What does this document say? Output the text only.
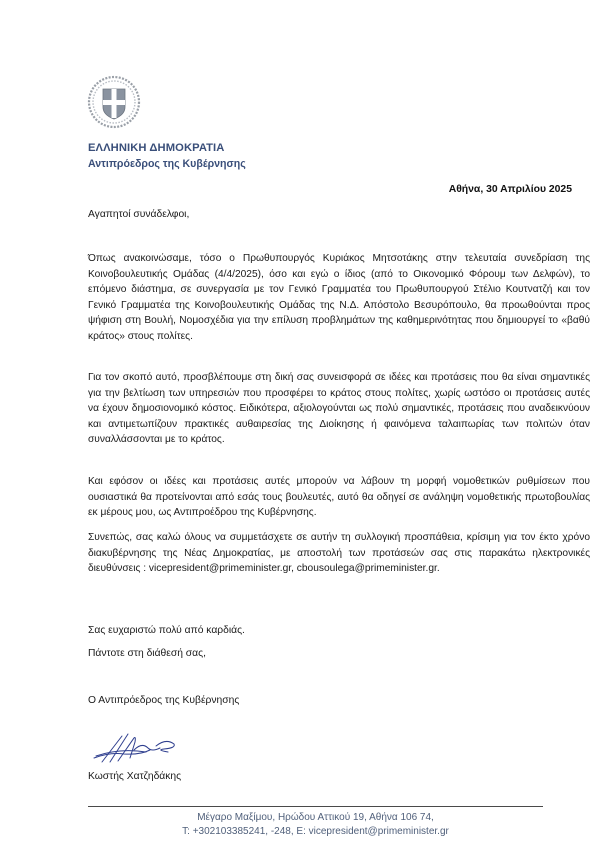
ΕΛΛΗΝΙΚΗ ΔΗΜΟΚΡΑΤΙΑ
Αντιπρόεδρος της Κυβέρνησης
Αθήνα, 30 Απριλίου 2025
Αγαπητοί συνάδελφοι,
Όπως ανακοινώσαμε, τόσο ο Πρωθυπουργός Κυριάκος Μητσοτάκης στην τελευταία συνεδρίαση της Κοινοβουλευτικής Ομάδας (4/4/2025), όσο και εγώ ο ίδιος (από το Οικονομικό Φόρουμ των Δελφών), το επόμενο διάστημα, σε συνεργασία με τον Γενικό Γραμματέα του Πρωθυπουργού Στέλιο Κουτνατζή και τον Γενικό Γραμματέα της Κοινοβουλευτικής Ομάδας της Ν.Δ. Απόστολο Βεσυρόπουλο, θα προωθούνται προς ψήφιση στη Βουλή, Νομοσχέδια για την επίλυση προβλημάτων της καθημερινότητας που δημιουργεί το «βαθύ κράτος» στους πολίτες.
Για τον σκοπό αυτό, προσβλέπουμε στη δική σας συνεισφορά σε ιδέες και προτάσεις που θα είναι σημαντικές για την βελτίωση των υπηρεσιών που προσφέρει το κράτος στους πολίτες, χωρίς ωστόσο οι προτάσεις αυτές να έχουν δημοσιονομικό κόστος. Ειδικότερα, αξιολογούνται ως πολύ σημαντικές, προτάσεις που αναδεικνύουν και αντιμετωπίζουν πρακτικές αυθαιρεσίας της Διοίκησης ή φαινόμενα ταλαιπωρίας των πολιτών όταν συναλλάσσονται με το κράτος.
Και εφόσον οι ιδέες και προτάσεις αυτές μπορούν να λάβουν τη μορφή νομοθετικών ρυθμίσεων που ουσιαστικά θα προτείνονται από εσάς τους βουλευτές, αυτό θα οδηγεί σε ανάληψη νομοθετικής πρωτοβουλίας εκ μέρους μου, ως Αντιπροέδρου της Κυβέρνησης.
Συνεπώς, σας καλώ όλους να συμμετάσχετε σε αυτήν τη συλλογική προσπάθεια, κρίσιμη για τον έκτο χρόνο διακυβέρνησης της Νέας Δημοκρατίας, με αποστολή των προτάσεών σας στις παρακάτω ηλεκτρονικές διευθύνσεις : vicepresident@primeminister.gr, cbousoulega@primeminister.gr.
Σας ευχαριστώ πολύ από καρδιάς.
Πάντοτε στη διάθεσή σας,
Ο Αντιπρόεδρος της Κυβέρνησης
Κωστής Χατζηδάκης
Μέγαρο Μαξίμου, Ηρώδου Αττικού 19, Αθήνα 106 74,
T: +302103385241, -248, E: vicepresident@primeminister.gr
